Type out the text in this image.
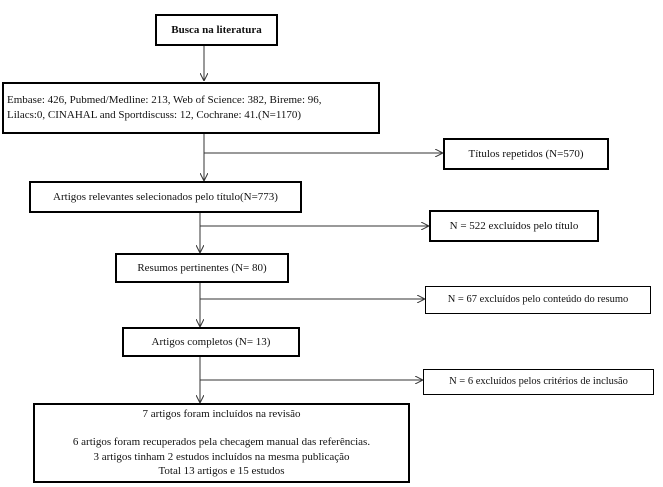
Busca na literatura
Embase: 426, Pubmed/Medline: 213, Web of Science: 382, Bireme: 96,
Lilacs:0, CINAHAL and Sportdiscuss: 12, Cochrane: 41.(N=1170)
Títulos repetidos (N=570)
Artigos relevantes selecionados pelo título(N=773)
N = 522 excluídos pelo título
Resumos pertinentes (N= 80)
N = 67 excluídos pelo conteúdo do resumo
Artigos completos (N= 13)
N = 6 excluídos pelos critérios de inclusão
7 artigos foram incluídos na revisão
6 artigos foram recuperados pela checagem manual das referências.
3 artigos tinham 2 estudos incluídos na mesma publicação
Total 13 artigos e 15 estudos
